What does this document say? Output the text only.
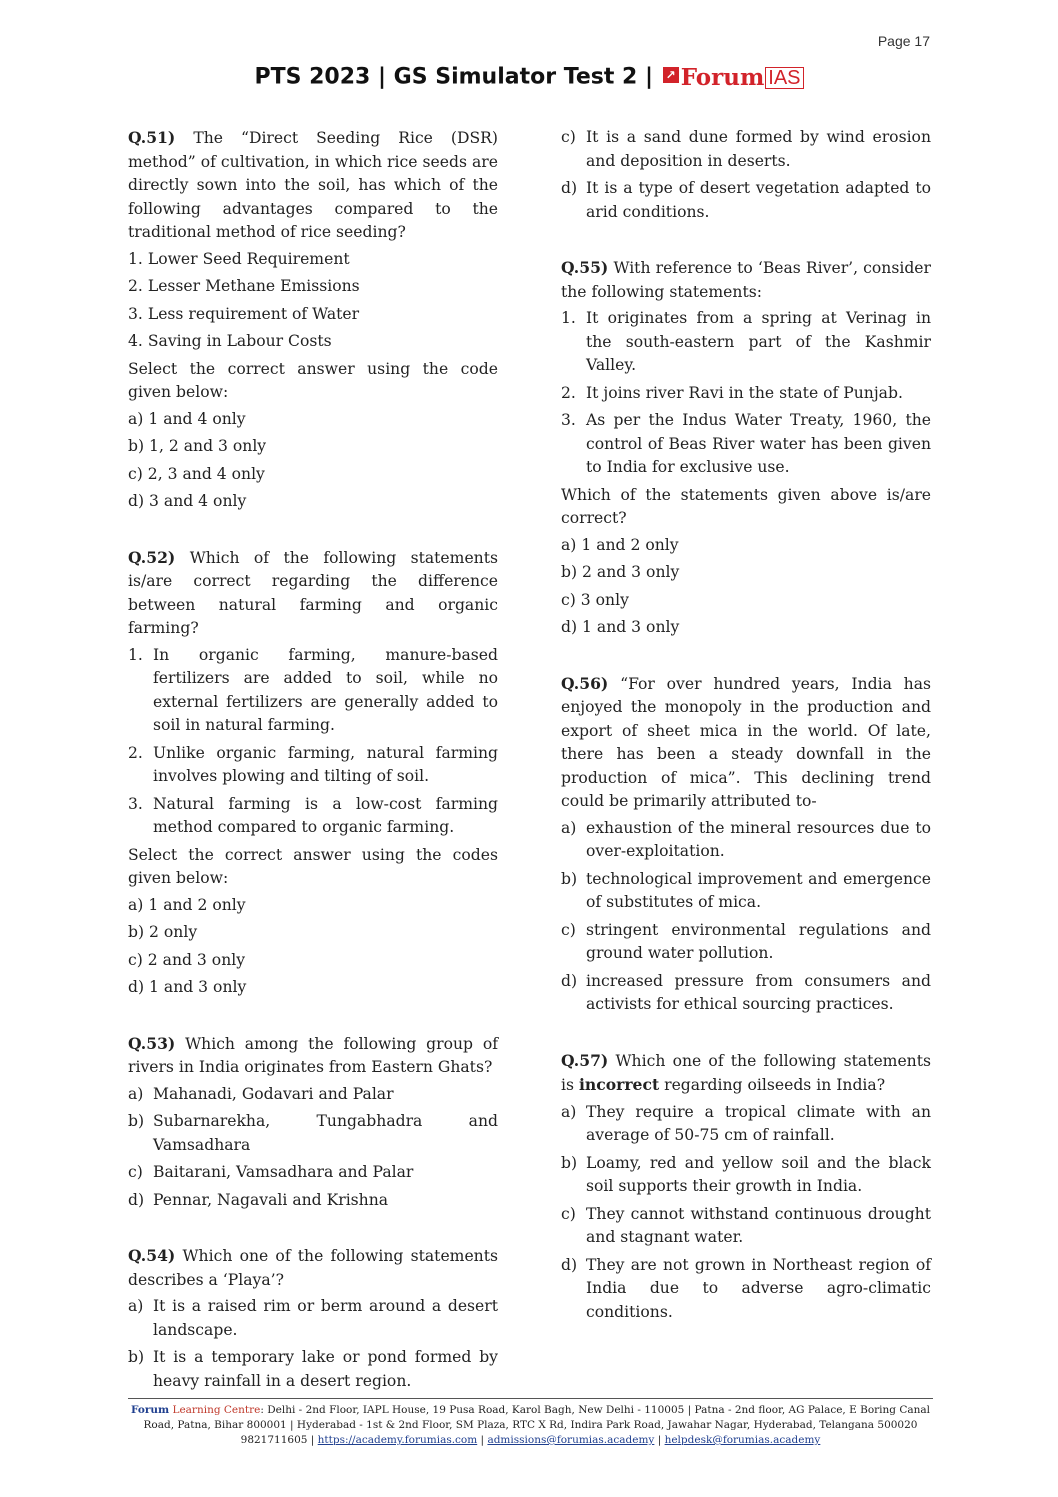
Page 17
PTS 2023 | GS Simulator Test 2 | ↗ Forum IAS

Q.51) The “Direct Seeding Rice (DSR) method” of cultivation, in which rice seeds are directly sown into the soil, has which of the following advantages compared to the traditional method of rice seeding?

1. Lower Seed Requirement
2. Lesser Methane Emissions
3. Less requirement of Water
4. Saving in Labour Costs

Select the correct answer using the code given below:

a) 1 and 4 only
b) 1, 2 and 3 only
c) 2, 3 and 4 only
d) 3 and 4 only

Q.52) Which of the following statements is/are correct regarding the difference between natural farming and organic farming?

1. In organic farming, manure-based fertilizers are added to soil, while no external fertilizers are generally added to soil in natural farming.
2. Unlike organic farming, natural farming involves plowing and tilting of soil.
3. Natural farming is a low-cost farming method compared to organic farming.

Select the correct answer using the codes given below:

a) 1 and 2 only
b) 2 only
c) 2 and 3 only
d) 1 and 3 only

Q.53) Which among the following group of rivers in India originates from Eastern Ghats?

a) Mahanadi, Godavari and Palar
b) Subarnarekha, Tungabhadra and Vamsadhara
c) Baitarani, Vamsadhara and Palar
d) Pennar, Nagavali and Krishna

Q.54) Which one of the following statements describes a ‘Playa’?

a) It is a raised rim or berm around a desert landscape.
b) It is a temporary lake or pond formed by heavy rainfall in a desert region.
c) It is a sand dune formed by wind erosion and deposition in deserts.
d) It is a type of desert vegetation adapted to arid conditions.

Q.55) With reference to ‘Beas River’, consider the following statements:

1. It originates from a spring at Verinag in the south-eastern part of the Kashmir Valley.
2. It joins river Ravi in the state of Punjab.
3. As per the Indus Water Treaty, 1960, the control of Beas River water has been given to India for exclusive use.

Which of the statements given above is/are correct?

a) 1 and 2 only
b) 2 and 3 only
c) 3 only
d) 1 and 3 only

Q.56) “For over hundred years, India has enjoyed the monopoly in the production and export of sheet mica in the world. Of late, there has been a steady downfall in the production of mica”. This declining trend could be primarily attributed to-

a) exhaustion of the mineral resources due to over-exploitation.
b) technological improvement and emergence of substitutes of mica.
c) stringent environmental regulations and ground water pollution.
d) increased pressure from consumers and activists for ethical sourcing practices.

Q.57) Which one of the following statements is incorrect regarding oilseeds in India?

a) They require a tropical climate with an average of 50-75 cm of rainfall.
b) Loamy, red and yellow soil and the black soil supports their growth in India.
c) They cannot withstand continuous drought and stagnant water.
d) They are not grown in Northeast region of India due to adverse agro-climatic conditions.
Forum Learning Centre: Delhi - 2nd Floor, IAPL House, 19 Pusa Road, Karol Bagh, New Delhi - 110005 | Patna - 2nd floor, AG Palace, E Boring Canal
Road, Patna, Bihar 800001 | Hyderabad - 1st & 2nd Floor, SM Plaza, RTC X Rd, Indira Park Road, Jawahar Nagar, Hyderabad, Telangana 500020
9821711605 | https://academy.forumias.com | admissions@forumias.academy | helpdesk@forumias.academy
